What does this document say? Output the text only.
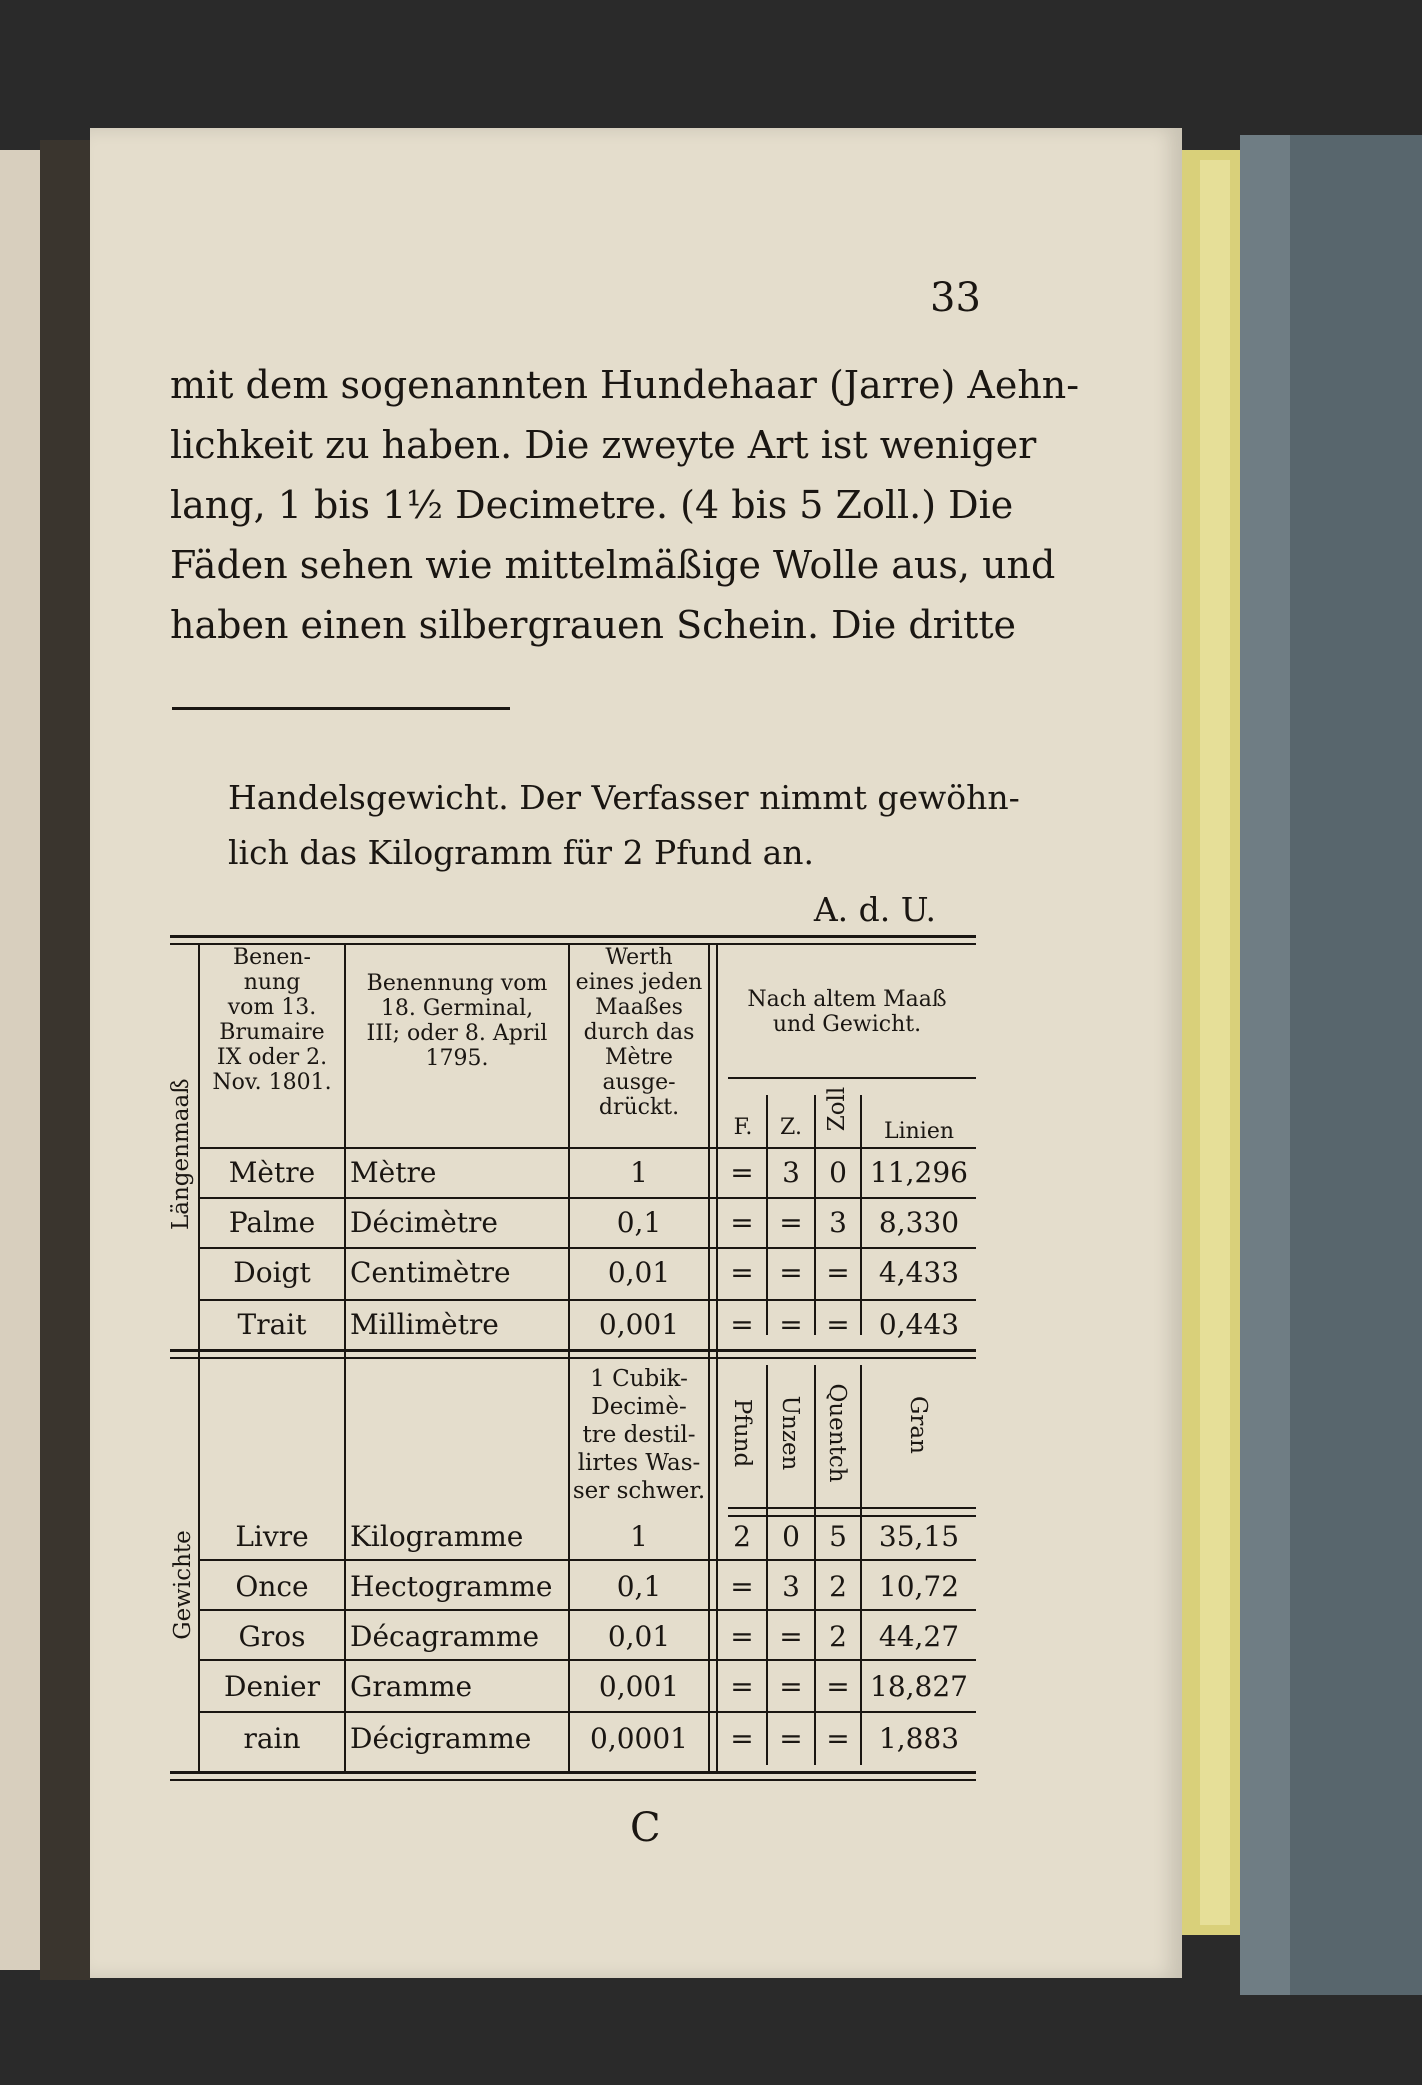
33
mit dem sogenannten Hundehaar (Jarre) Aehn-
lichkeit zu haben. Die zweyte Art ist weniger
lang, 1 bis 1½ Decimetre. (4 bis 5 Zoll.) Die
Fäden sehen wie mittelmäßige Wolle aus, und
haben einen silbergrauen Schein. Die dritte
Handelsgewicht. Der Verfasser nimmt gewöhn-
lich das Kilogramm für 2 Pfund an.
A. d. U.
Benen-
nung
vom 13.
Brumaire
IX oder 2.
Nov. 1801.
Benennung vom
18. Germinal,
III; oder 8. April
1795.
Werth
eines jeden
Maaßes
durch das
Mètre
ausge-
drückt.
Nach altem Maaß
und Gewicht.
F.	Z. Zoll
Linien
Längenmaaß
Gewichte
Mètre	Mètre	1	=	3	0 11,296
Palme	Décimètre	0,1	= = 3	8,330
Doigt	Centimètre	0,01	= = =	4,433
Trait	Millimètre	0,001	= = =	0,443
1 Cubik-
Decimè-
tre destil-
lirtes Was-
ser schwer.
Pfund Unzen Quentch Gran
Livre	Kilogramme	1	2	0	5	35,15
Once	Hectogramme	0,1	=	3	2	10,72
Gros	Décagramme	0,01	= = 2	44,27
Denier	Gramme	0,001	= = = 18,827
rain	Décigramme	0,0001	= = =	1,883
C
